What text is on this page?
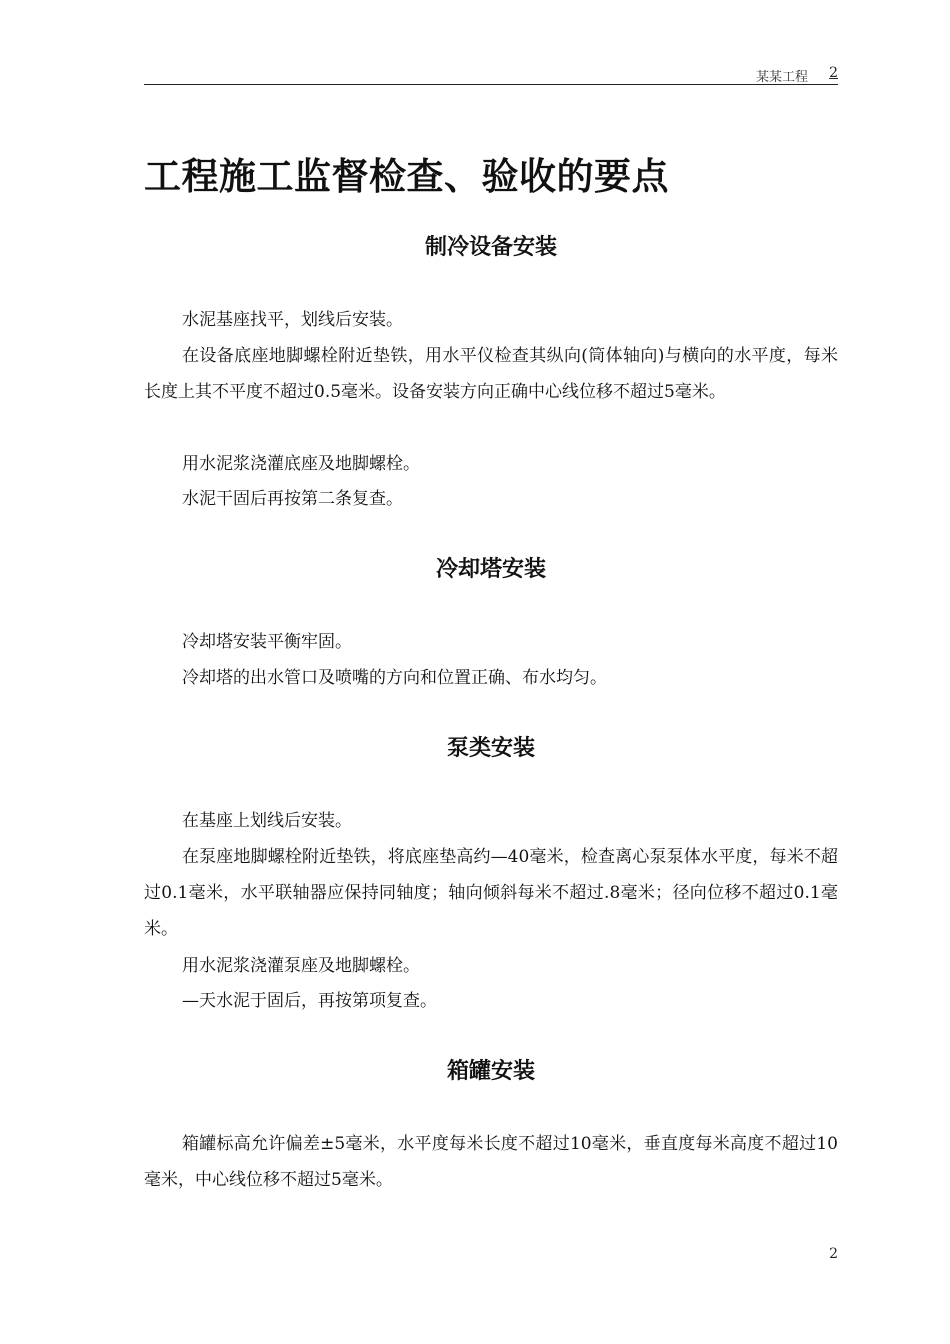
某某工程 2
工程施工监督检查、验收的要点
制冷设备安装

水泥基座找平，划线后安装。

在设备底座地脚螺栓附近垫铁，用水平仪检查其纵向(筒体轴向)与横向的水平度，每米长度上其不平度不超过0.5毫米。设备安装方向正确中心线位移不超过5毫米。

用水泥浆浇灌底座及地脚螺栓。

水泥干固后再按第二条复查。

冷却塔安装

冷却塔安装平衡牢固。

冷却塔的出水管口及喷嘴的方向和位置正确、布水均匀。

泵类安装

在基座上划线后安装。

在泵座地脚螺栓附近垫铁，将底座垫高约—40毫米，检查离心泵泵体水平度，每米不超过0.1毫米，水平联轴器应保持同轴度；轴向倾斜每米不超过.8毫米；径向位移不超过0.1毫米。

用水泥浆浇灌泵座及地脚螺栓。

—天水泥于固后，再按第项复查。

箱罐安装

箱罐标高允许偏差±5毫米，水平度每米长度不超过10毫米，垂直度每米高度不超过10毫米，中心线位移不超过5毫米。

2
